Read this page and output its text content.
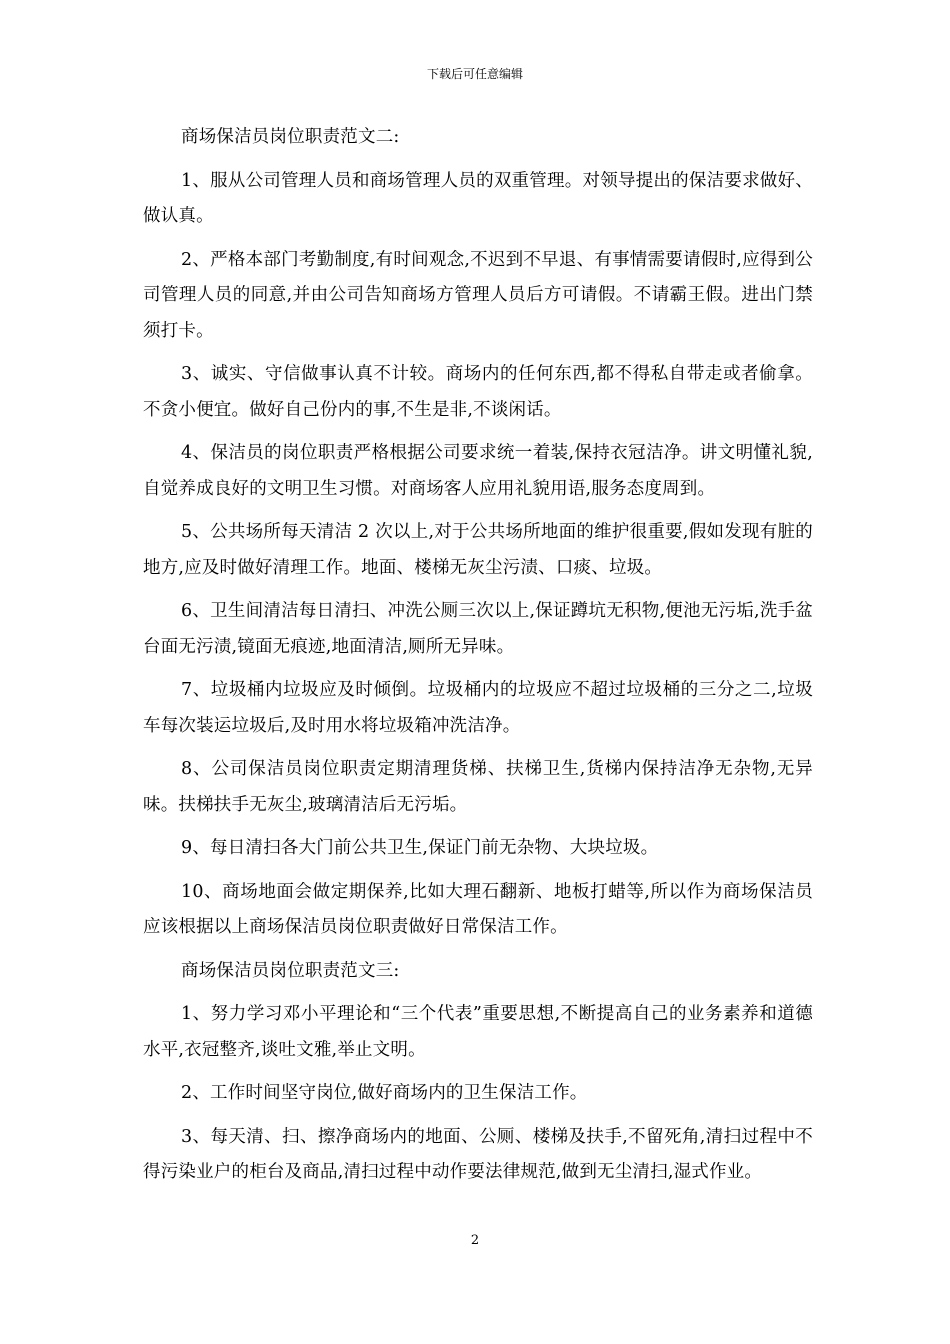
下载后可任意编辑

商场保洁员岗位职责范文二:

1、服从公司管理人员和商场管理人员的双重管理。对领导提出的保洁要求做好、做认真。

2、严格本部门考勤制度,有时间观念,不迟到不早退、有事情需要请假时,应得到公司管理人员的同意,并由公司告知商场方管理人员后方可请假。不请霸王假。进出门禁须打卡。

3、诚实、守信做事认真不计较。商场内的任何东西,都不得私自带走或者偷拿。不贪小便宜。做好自己份内的事,不生是非,不谈闲话。

4、保洁员的岗位职责严格根据公司要求统一着装,保持衣冠洁净。讲文明懂礼貌,自觉养成良好的文明卫生习惯。对商场客人应用礼貌用语,服务态度周到。

5、公共场所每天清洁 2 次以上,对于公共场所地面的维护很重要,假如发现有脏的地方,应及时做好清理工作。地面、楼梯无灰尘污渍、口痰、垃圾。

6、卫生间清洁每日清扫、冲洗公厕三次以上,保证蹲坑无积物,便池无污垢,洗手盆台面无污渍,镜面无痕迹,地面清洁,厕所无异味。

7、垃圾桶内垃圾应及时倾倒。垃圾桶内的垃圾应不超过垃圾桶的三分之二,垃圾车每次装运垃圾后,及时用水将垃圾箱冲洗洁净。

8、公司保洁员岗位职责定期清理货梯、扶梯卫生,货梯内保持洁净无杂物,无异味。扶梯扶手无灰尘,玻璃清洁后无污垢。

9、每日清扫各大门前公共卫生,保证门前无杂物、大块垃圾。

10、商场地面会做定期保养,比如大理石翻新、地板打蜡等,所以作为商场保洁员应该根据以上商场保洁员岗位职责做好日常保洁工作。

商场保洁员岗位职责范文三:

1、努力学习邓小平理论和“三个代表”重要思想,不断提高自己的业务素养和道德水平,衣冠整齐,谈吐文雅,举止文明。

2、工作时间坚守岗位,做好商场内的卫生保洁工作。

3、每天清、扫、擦净商场内的地面、公厕、楼梯及扶手,不留死角,清扫过程中不得污染业户的柜台及商品,清扫过程中动作要法律规范,做到无尘清扫,湿式作业。

2
